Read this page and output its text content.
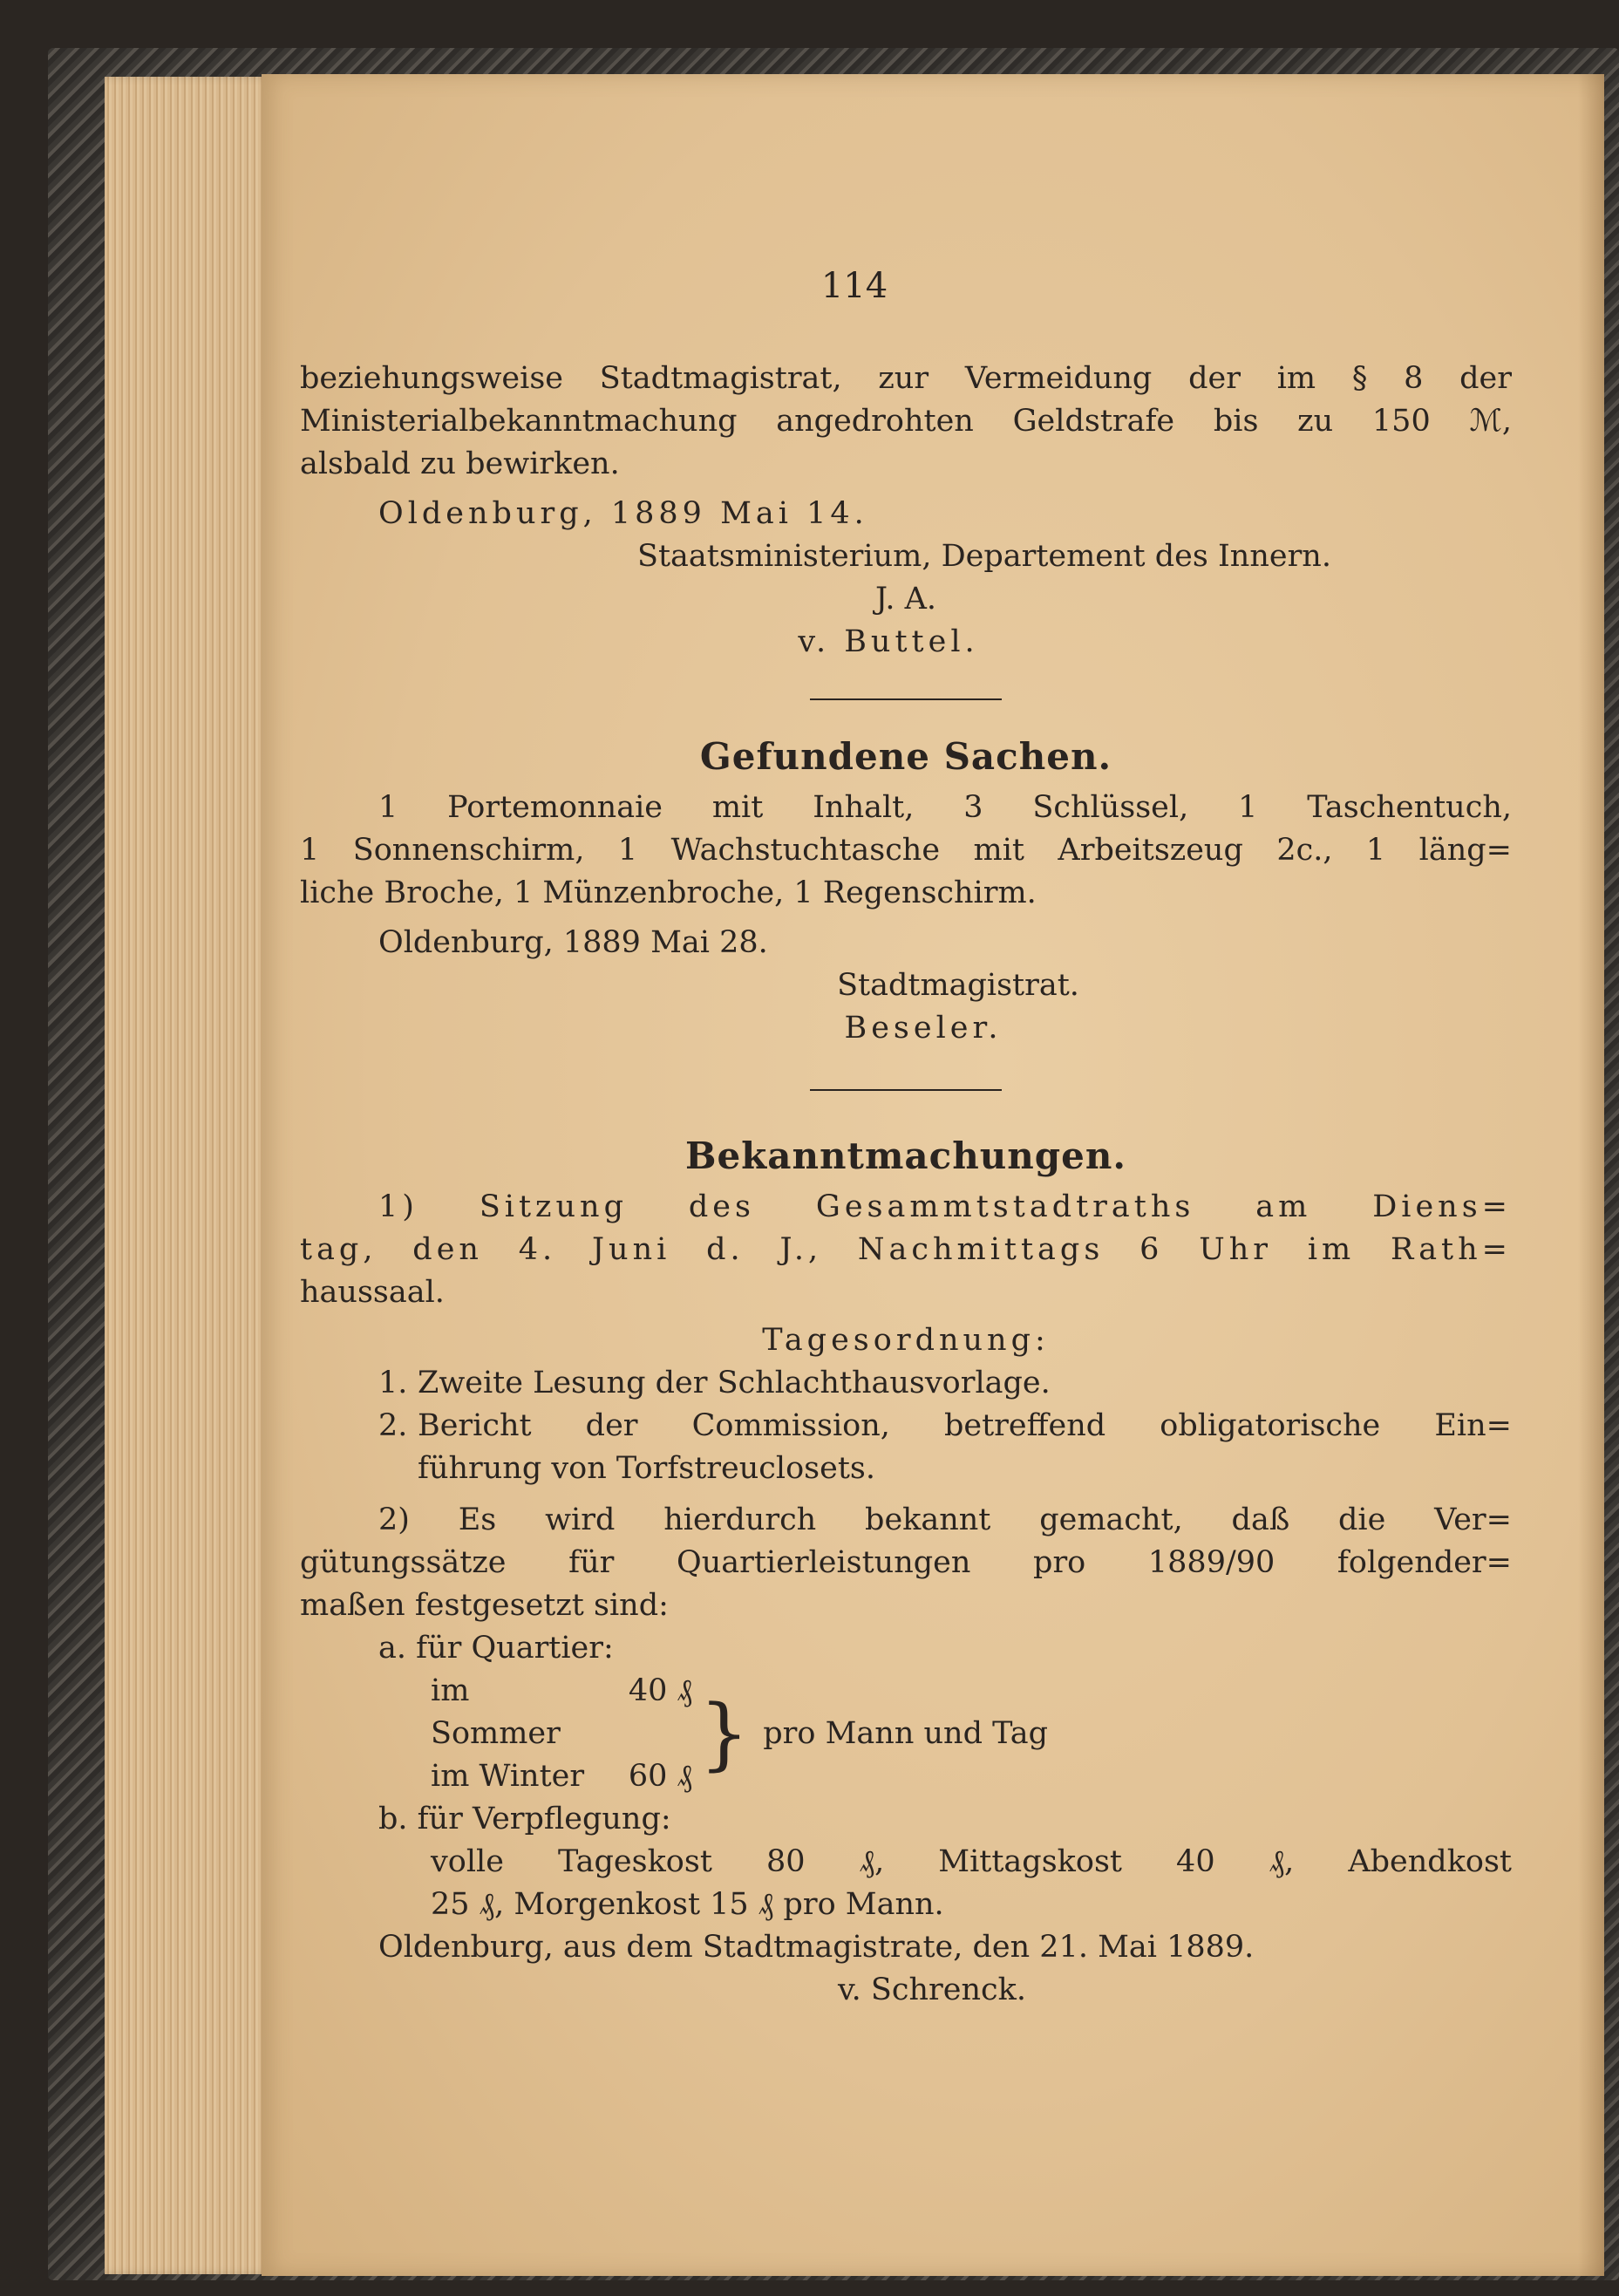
114

beziehungsweise Stadtmagistrat, zur Vermeidung der im § 8 der

Ministerialbekanntmachung angedrohten Geldstrafe bis zu 150 ℳ,

alsbald zu bewirken.

Oldenburg, 1889 Mai 14.

Staatsministerium, Departement des Innern.

J. A.

v. Buttel.

Gefundene Sachen.

1 Portemonnaie mit Inhalt, 3 Schlüssel, 1 Taschentuch,

1 Sonnenschirm, 1 Wachstuchtasche mit Arbeitszeug 2c., 1 läng=

liche Broche, 1 Münzenbroche, 1 Regenschirm.

Oldenburg, 1889 Mai 28.

Stadtmagistrat.

Beseler.

Bekanntmachungen.

1) Sitzung des Gesammtstadtraths am Diens=

tag, den 4. Juni d. J., Nachmittags 6 Uhr im Rath=

haussaal.

Tagesordnung:

1. Zweite Lesung der Schlachthausvorlage.

2. Bericht der Commission, betreffend obligatorische Ein=

führung von Torfstreuclosets.

2) Es wird hierdurch bekannt gemacht, daß die Ver=

gütungssätze für Quartierleistungen pro 1889/90 folgender=

maßen festgesetzt sind:

a. für Quartier:

im Sommer
40 ₰
im Winter	60 ₰ } pro Mann und Tag

b. für Verpflegung:

volle Tageskost 80 ₰, Mittagskost 40 ₰, Abendkost

25 ₰, Morgenkost 15 ₰ pro Mann.

Oldenburg, aus dem Stadtmagistrate, den 21. Mai 1889.

v. Schrenck.
